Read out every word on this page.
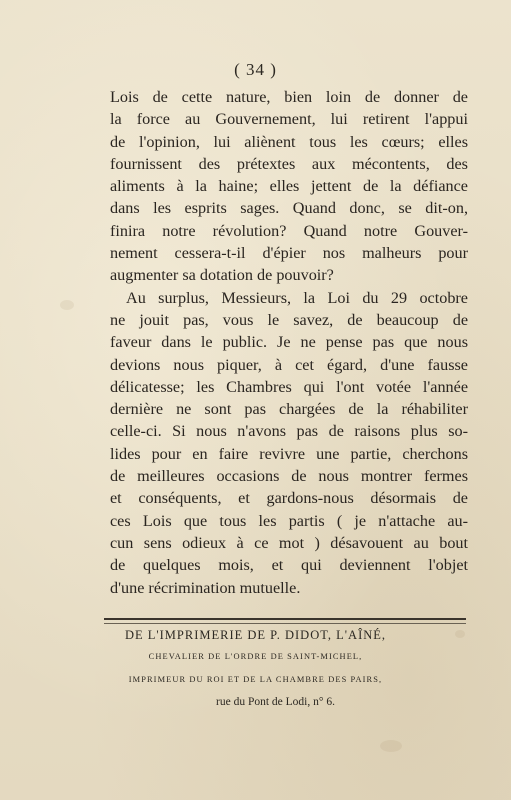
( 34 )
Lois de cette nature, bien loin de donner de
la force au Gouvernement, lui retirent l'appui
de l'opinion, lui aliènent tous les cœurs; elles
fournissent des prétextes aux mécontents, des
aliments à la haine; elles jettent de la défiance
dans les esprits sages. Quand donc, se dit-on,
finira notre révolution? Quand notre Gouver-
nement cessera-t-il d'épier nos malheurs pour
augmenter sa dotation de pouvoir?
Au surplus, Messieurs, la Loi du 29 octobre
ne jouit pas, vous le savez, de beaucoup de
faveur dans le public. Je ne pense pas que nous
devions nous piquer, à cet égard, d'une fausse
délicatesse; les Chambres qui l'ont votée l'année
dernière ne sont pas chargées de la réhabiliter
celle-ci. Si nous n'avons pas de raisons plus so-
lides pour en faire revivre une partie, cherchons
de meilleures occasions de nous montrer fermes
et conséquents, et gardons-nous désormais de
ces Lois que tous les partis ( je n'attache au-
cun sens odieux à ce mot ) désavouent au bout
de quelques mois, et qui deviennent l'objet
d'une récrimination mutuelle.
DE L'IMPRIMERIE DE P. DIDOT, L'AÎNÉ,
CHEVALIER DE L'ORDRE DE SAINT-MICHEL,
IMPRIMEUR DU ROI ET DE LA CHAMBRE DES PAIRS,
rue du Pont de Lodi, n° 6.
